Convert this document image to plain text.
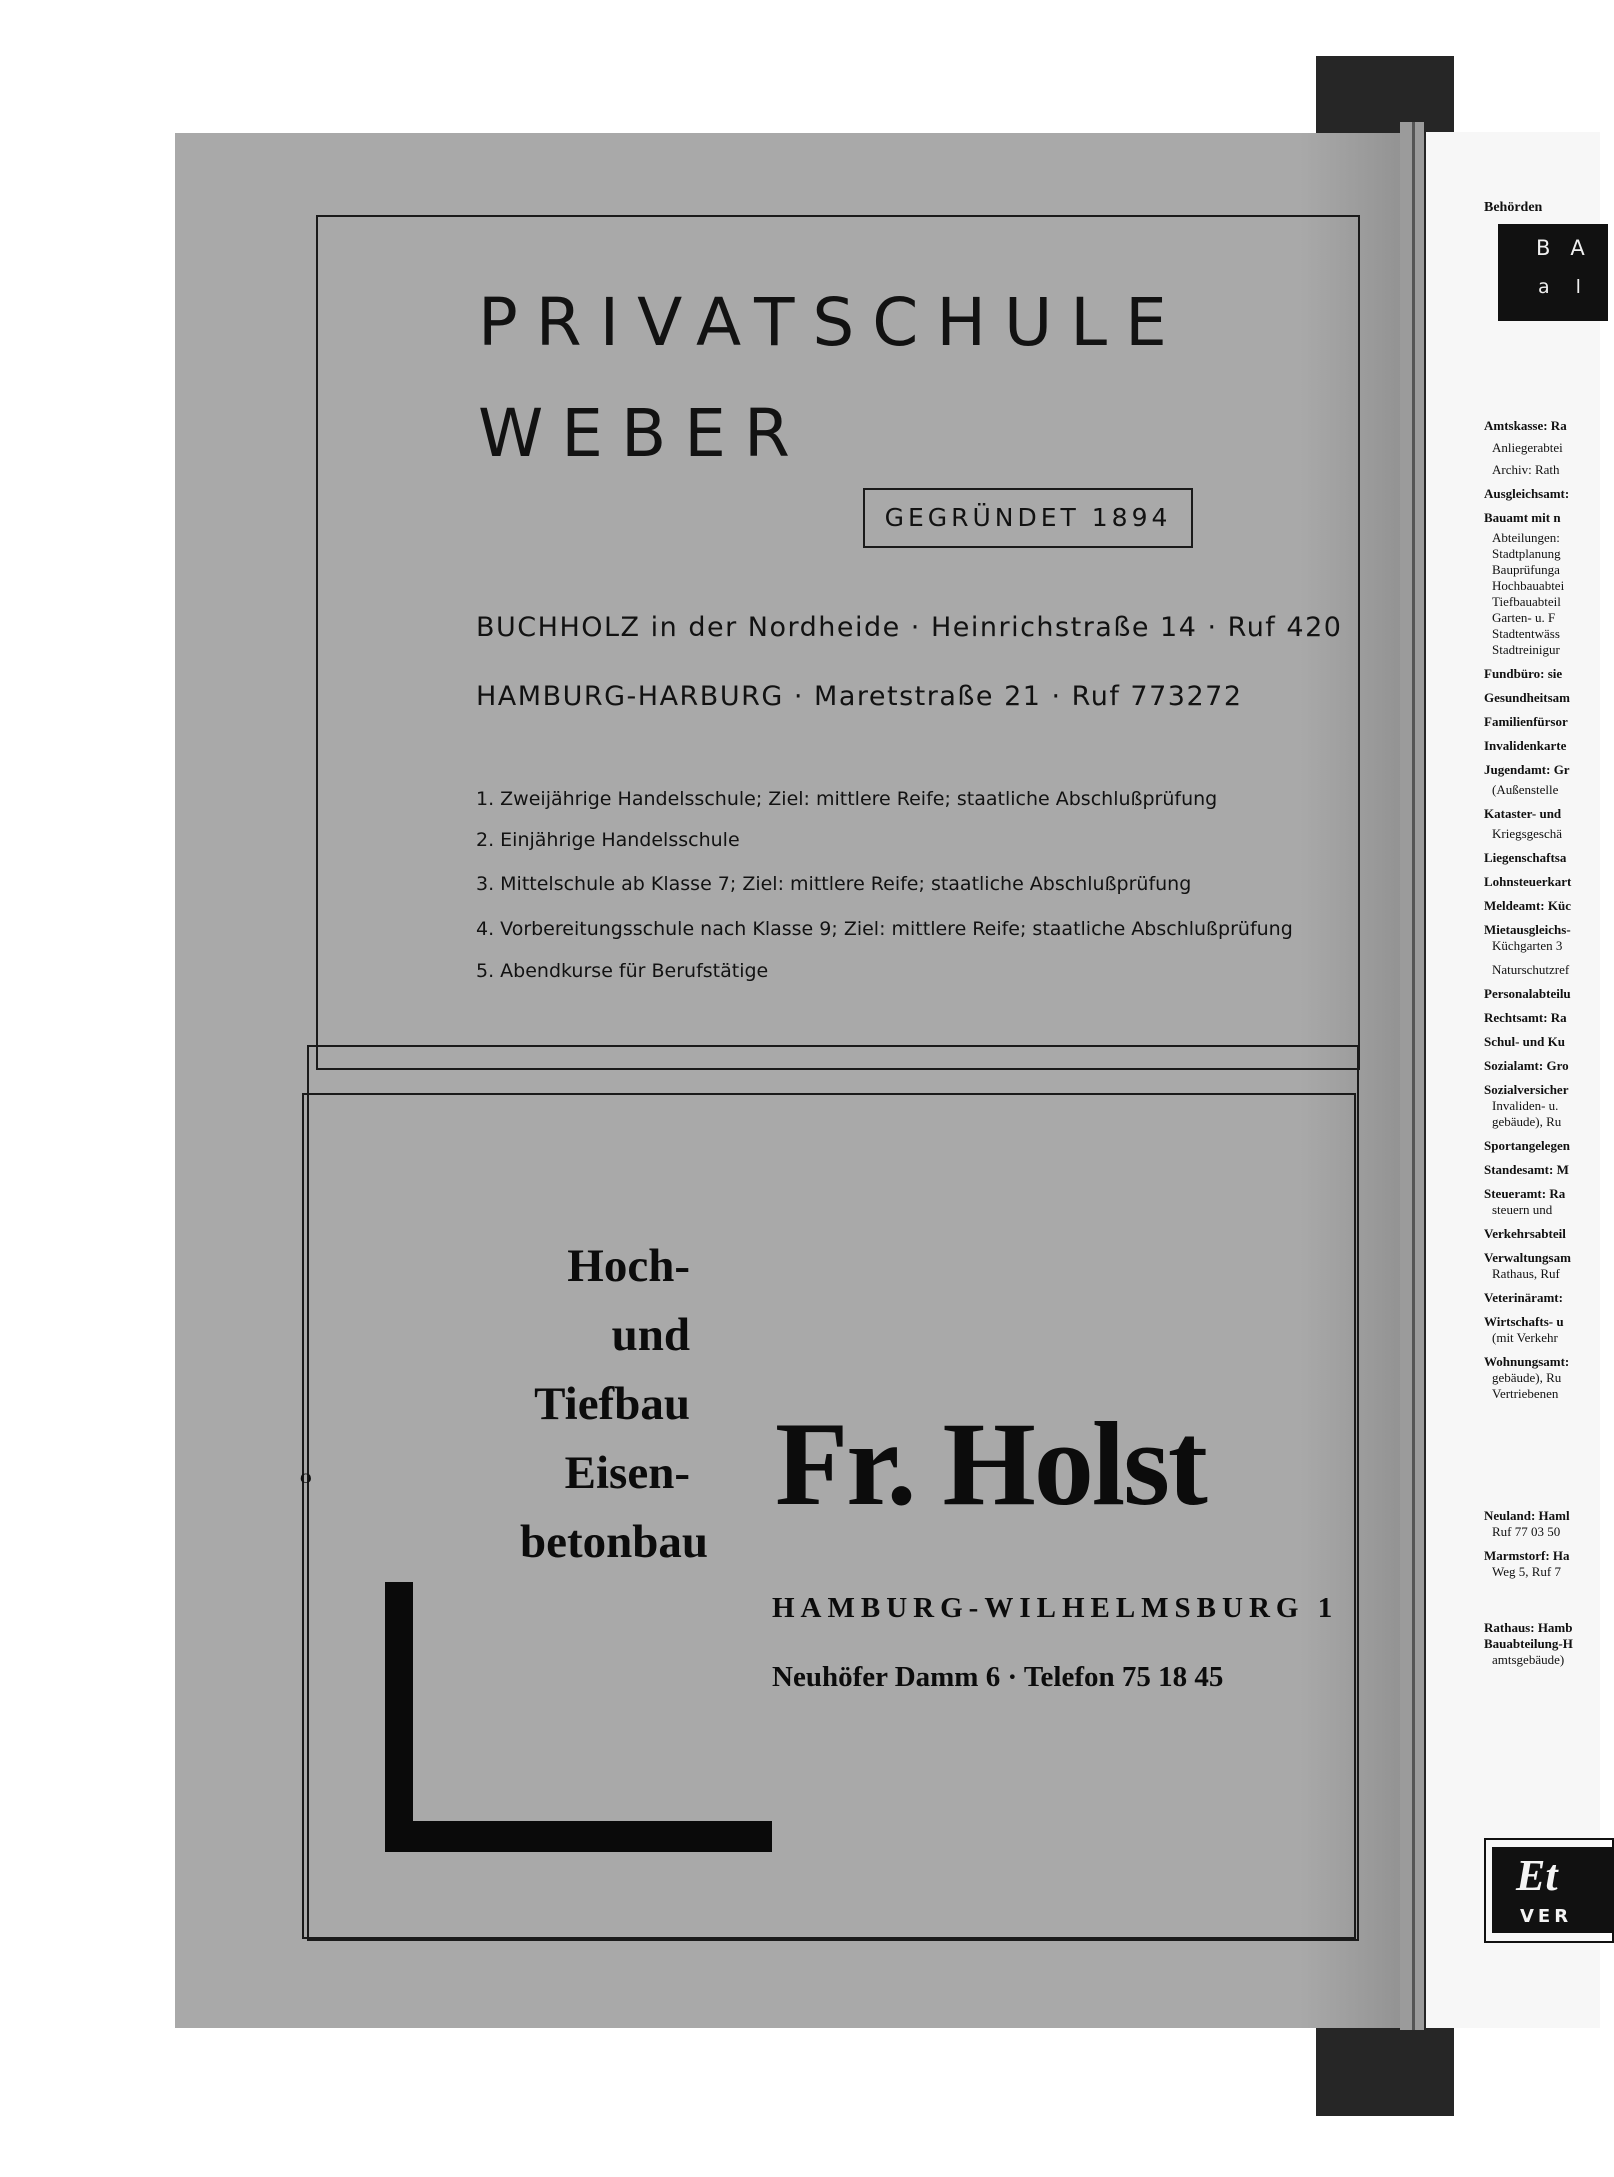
PRIVATSCHULE
WEBER
GEGRÜNDET 1894
BUCHHOLZ in der Nordheide · Heinrichstraße 14 · Ruf 420
HAMBURG-HARBURG · Maretstraße 21 · Ruf 773272
1. Zweijährige Handelsschule; Ziel: mittlere Reife; staatliche Abschlußprüfung
2. Einjährige Handelsschule
3. Mittelschule ab Klasse 7; Ziel: mittlere Reife; staatliche Abschlußprüfung
4. Vorbereitungsschule nach Klasse 9; Ziel: mittlere Reife; staatliche Abschlußprüfung
5. Abendkurse für Berufstätige
Hoch-
und
Tiefbau
Eisen-
betonbau
Fr. Holst
HAMBURG-WILHELMSBURG 1
Neuhöfer Damm 6 · Telefon 75 18 45
Behörden
BA
al
Amtskasse: Ra
Anliegerabtei
Archiv: Rath
Ausgleichsamt:
Bauamt mit n
Abteilungen:
Stadtplanung
Bauprüfunga
Hochbauabtei
Tiefbauabteil
Garten- u. F
Stadtentwäss
Stadtreinigur
Fundbüro: sie
Gesundheitsam
Familienfürsor
Invalidenkarte
Jugendamt: Gr
(Außenstelle
Kataster- und
Kriegsgeschä
Liegenschaftsa
Lohnsteuerkart
Meldeamt: Küc
Mietausgleichs-
Küchgarten 3
Naturschutzref
Personalabteilu
Rechtsamt: Ra
Schul- und Ku
Sozialamt: Gro
Sozialversicher
Invaliden- u.
gebäude), Ru
Sportangelegen
Standesamt: M
Steueramt: Ra
steuern und
Verkehrsabteil
Verwaltungsam
Rathaus, Ruf
Veterinäramt:
Wirtschafts- u
(mit Verkehr
Wohnungsamt:
gebäude), Ru
Vertriebenen
Neuland: Haml
Ruf 77 03 50
Marmstorf: Ha
Weg 5, Ruf 7
Rathaus: Hamb
Bauabteilung-H
amtsgebäude)
O
Et
VER
